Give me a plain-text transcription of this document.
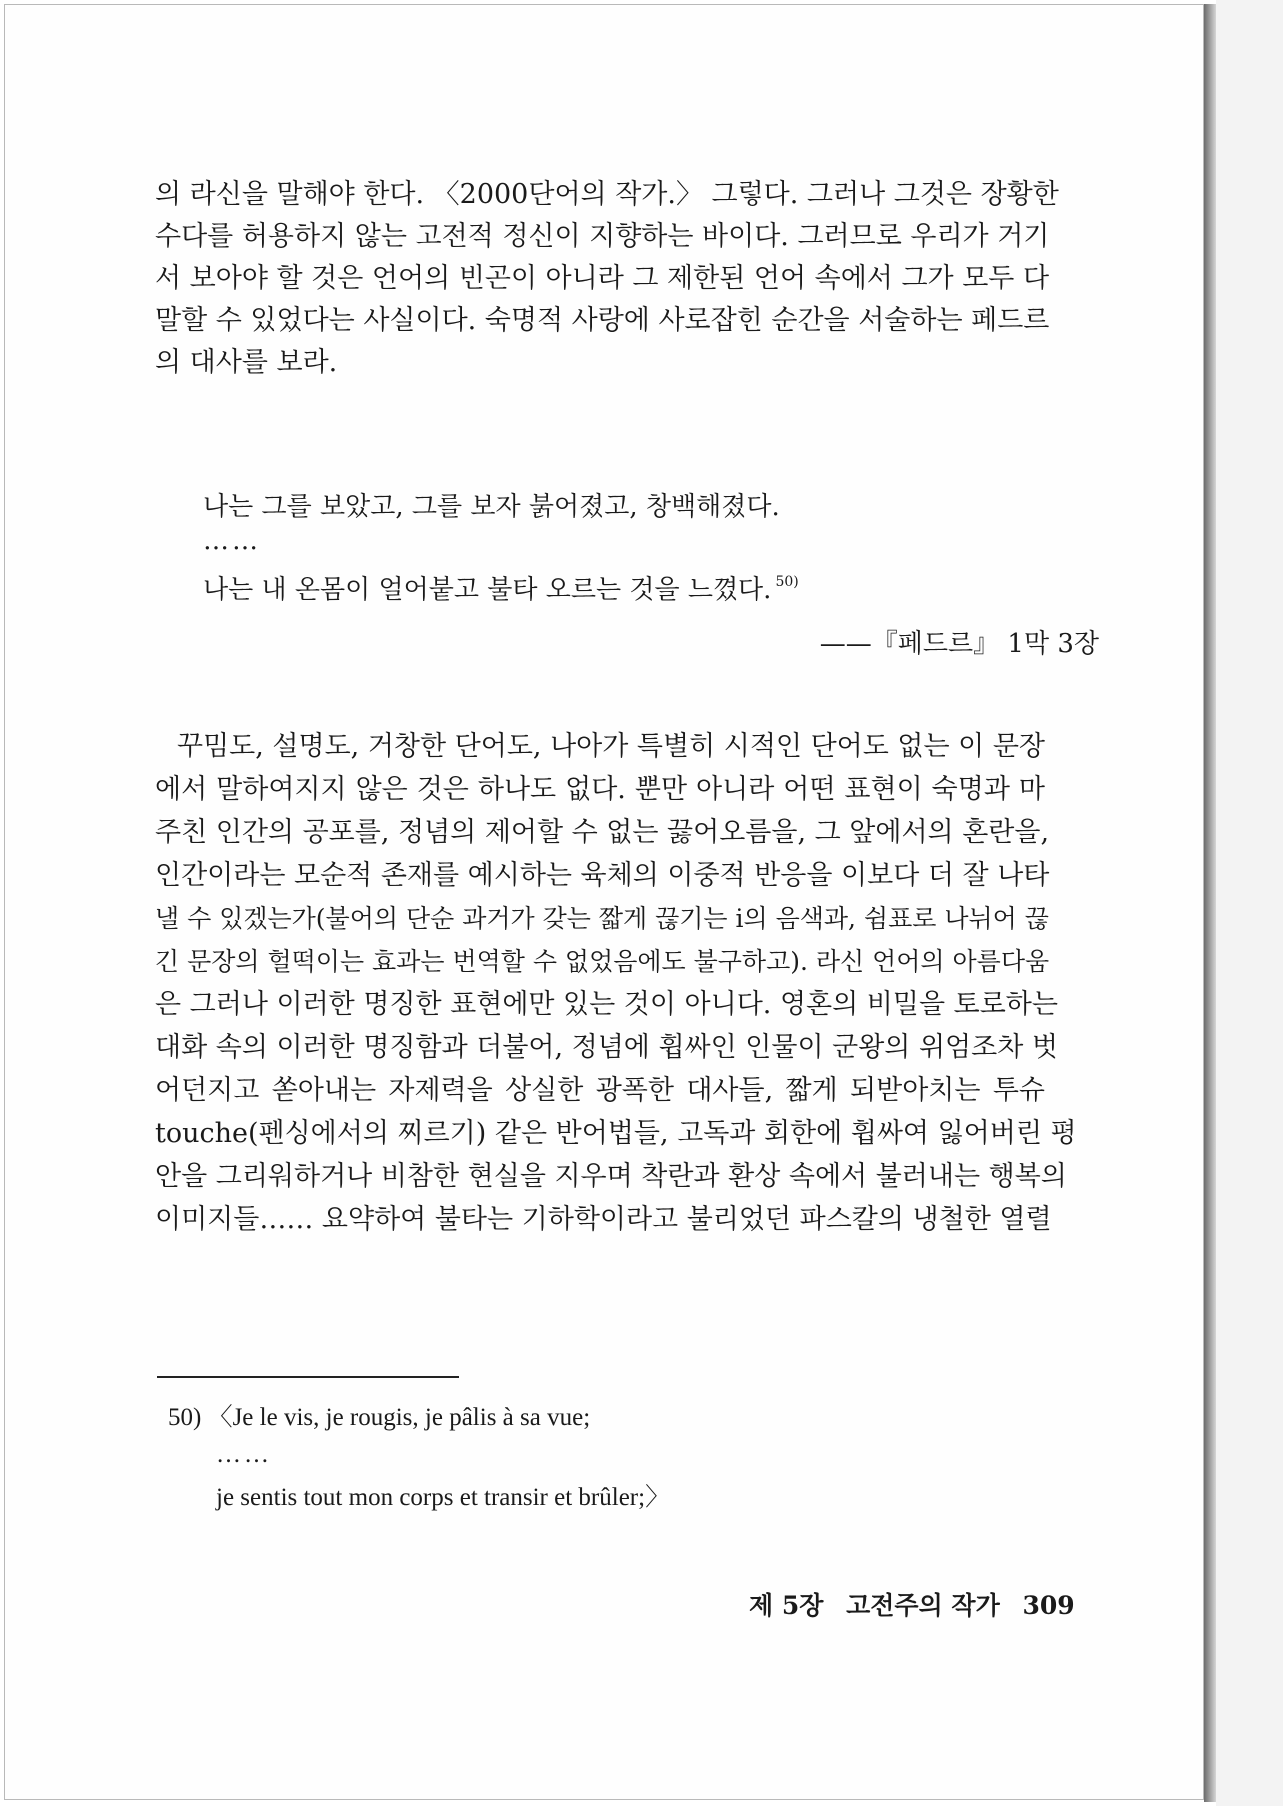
의 라신을 말해야 한다. 〈2000단어의 작가.〉 그렇다. 그러나 그것은 장황한
수다를 허용하지 않는 고전적 정신이 지향하는 바이다. 그러므로 우리가 거기
서 보아야 할 것은 언어의 빈곤이 아니라 그 제한된 언어 속에서 그가 모두 다
말할 수 있었다는 사실이다. 숙명적 사랑에 사로잡힌 순간을 서술하는 페드르
의 대사를 보라.
나는 그를 보았고, 그를 보자 붉어졌고, 창백해졌다.
……
나는 내 온몸이 얼어붙고 불타 오르는 것을 느꼈다. $^{50)}$
——『페드르』 1막 3장
꾸밈도, 설명도, 거창한 단어도, 나아가 특별히 시적인 단어도 없는 이 문장
에서 말하여지지 않은 것은 하나도 없다. 뿐만 아니라 어떤 표현이 숙명과 마
주친 인간의 공포를, 정념의 제어할 수 없는 끓어오름을, 그 앞에서의 혼란을,
인간이라는 모순적 존재를 예시하는 육체의 이중적 반응을 이보다 더 잘 나타
낼 수 있겠는가(불어의 단순 과거가 갖는 짧게 끊기는 i의 음색과, 쉼표로 나뉘어 끊
긴 문장의 헐떡이는 효과는 번역할 수 없었음에도 불구하고). 라신 언어의 아름다움
은 그러나 이러한 명징한 표현에만 있는 것이 아니다. 영혼의 비밀을 토로하는
대화 속의 이러한 명징함과 더불어, 정념에 휩싸인 인물이 군왕의 위엄조차 벗
어던지고 쏟아내는 자제력을 상실한 광폭한 대사들, 짧게 되받아치는 투슈
touche(펜싱에서의 찌르기) 같은 반어법들, 고독과 회한에 휩싸여 잃어버린 평
안을 그리워하거나 비참한 현실을 지우며 착란과 환상 속에서 불러내는 행복의
이미지들…… 요약하여 불타는 기하학이라고 불리었던 파스칼의 냉철한 열렬
50) 〈Je le vis, je rougis, je pâlis à sa vue;
……
je sentis tout mon corps et transir et brûler;〉
제 5장 고전주의 작가 309
